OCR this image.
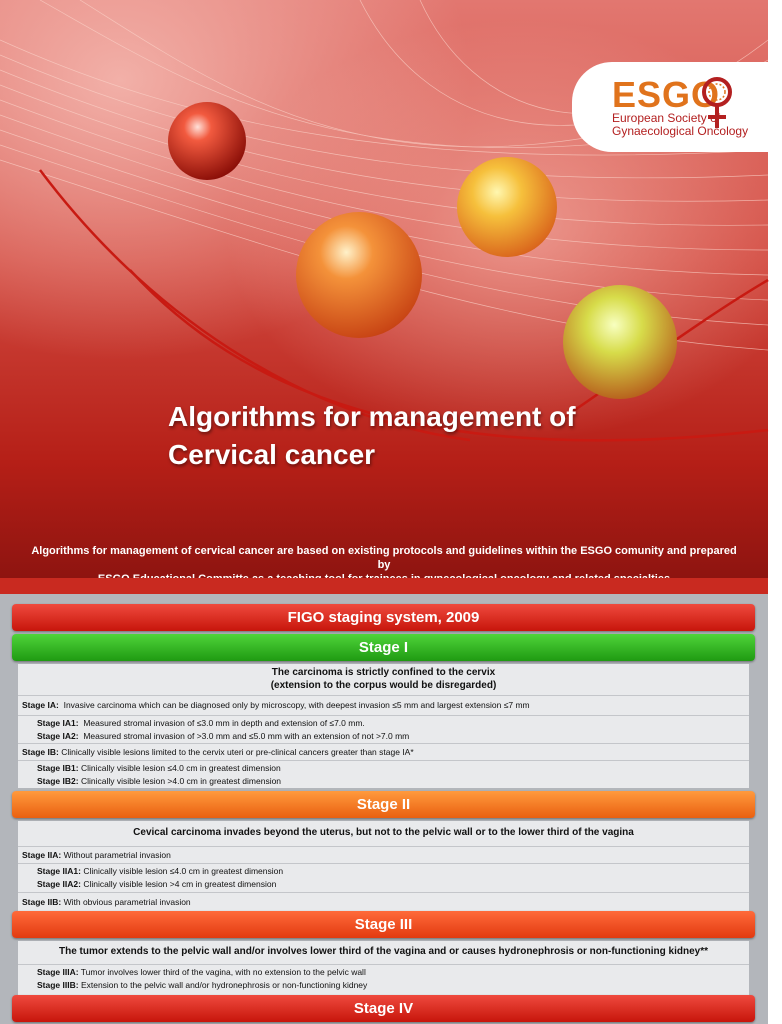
ESGO
European Society of
Gynaecological Oncology
Algorithms for management of
Cervical cancer
Algorithms for management of cervical cancer are based on existing protocols and guidelines within the ESGO comunity and prepared by
FIGO staging system, 2009
Stage I
The carcinoma is strictly confined to the cervix
(extension to the corpus would be disregarded)
Stage IA: Invasive carcinoma which can be diagnosed only by microscopy, with deepest invasion ≤5 mm and largest extension ≤7 mm
Stage IA1: Measured stromal invasion of ≤3.0 mm in depth and extension of ≤7.0 mm.
Stage IA2: Measured stromal invasion of >3.0 mm and ≤5.0 mm with an extension of not >7.0 mm
Stage IB: Clinically visible lesions limited to the cervix uteri or pre-clinical cancers greater than stage IA*
Stage IB1: Clinically visible lesion ≤4.0 cm in greatest dimension
Stage IB2: Clinically visible lesion >4.0 cm in greatest dimension
Stage II
Cevical carcinoma invades beyond the uterus, but not to the pelvic wall or to the lower third of the vagina
Stage IIA: Without parametrial invasion
Stage IIA1: Clinically visible lesion ≤4.0 cm in greatest dimension
Stage IIA2: Clinically visible lesion >4 cm in greatest dimension
Stage IIB: With obvious parametrial invasion
Stage III
The tumor extends to the pelvic wall and/or involves lower third of the vagina and or causes hydronephrosis or non-functioning kidney**
Stage IIIA: Tumor involves lower third of the vagina, with no extension to the pelvic wall
Stage IIIB: Extension to the pelvic wall and/or hydronephrosis or non-functioning kidney
Stage IV
